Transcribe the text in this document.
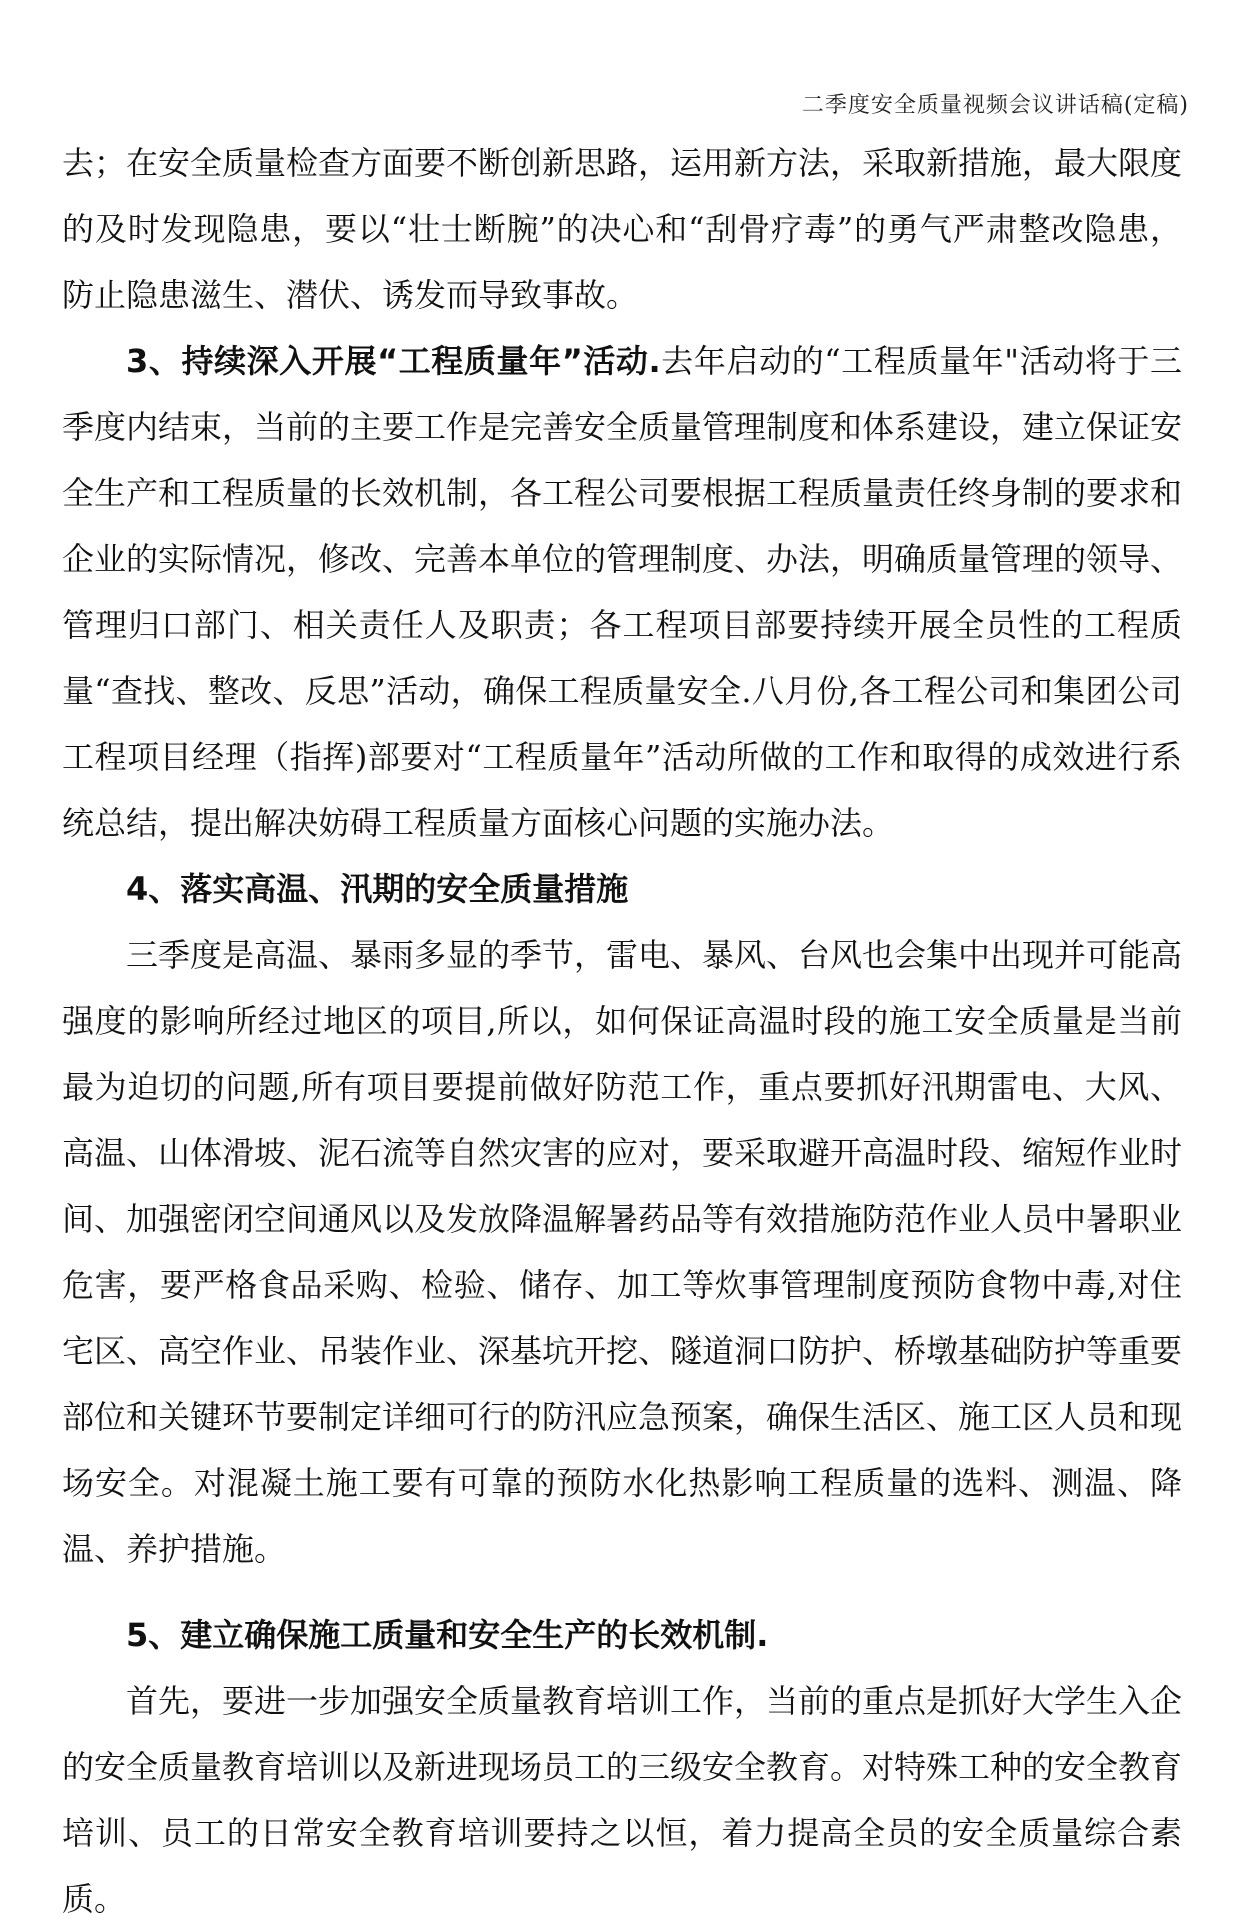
二季度安全质量视频会议讲话稿(定稿)

去；在安全质量检查方面要不断创新思路，运用新方法，采取新措施，最大限度的及时发现隐患，要以“壮士断腕”的决心和“刮骨疗毒”的勇气严肃整改隐患，防止隐患滋生、潜伏、诱发而导致事故。

3、持续深入开展“工程质量年”活动.去年启动的“工程质量年"活动将于三季度内结束，当前的主要工作是完善安全质量管理制度和体系建设，建立保证安全生产和工程质量的长效机制，各工程公司要根据工程质量责任终身制的要求和企业的实际情况，修改、完善本单位的管理制度、办法，明确质量管理的领导、管理归口部门、相关责任人及职责；各工程项目部要持续开展全员性的工程质量“查找、整改、反思”活动，确保工程质量安全.八月份,各工程公司和集团公司工程项目经理（指挥)部要对“工程质量年”活动所做的工作和取得的成效进行系统总结，提出解决妨碍工程质量方面核心问题的实施办法。

4、落实高温、汛期的安全质量措施

三季度是高温、暴雨多显的季节，雷电、暴风、台风也会集中出现并可能高强度的影响所经过地区的项目,所以，如何保证高温时段的施工安全质量是当前最为迫切的问题,所有项目要提前做好防范工作，重点要抓好汛期雷电、大风、高温、山体滑坡、泥石流等自然灾害的应对，要采取避开高温时段、缩短作业时间、加强密闭空间通风以及发放降温解暑药品等有效措施防范作业人员中暑职业危害，要严格食品采购、检验、储存、加工等炊事管理制度预防食物中毒,对住宅区、高空作业、吊装作业、深基坑开挖、隧道洞口防护、桥墩基础防护等重要部位和关键环节要制定详细可行的防汛应急预案，确保生活区、施工区人员和现场安全。对混凝土施工要有可靠的预防水化热影响工程质量的选料、测温、降温、养护措施。

5、建立确保施工质量和安全生产的长效机制.

首先，要进一步加强安全质量教育培训工作，当前的重点是抓好大学生入企的安全质量教育培训以及新进现场员工的三级安全教育。对特殊工种的安全教育培训、员工的日常安全教育培训要持之以恒，着力提高全员的安全质量综合素质。
